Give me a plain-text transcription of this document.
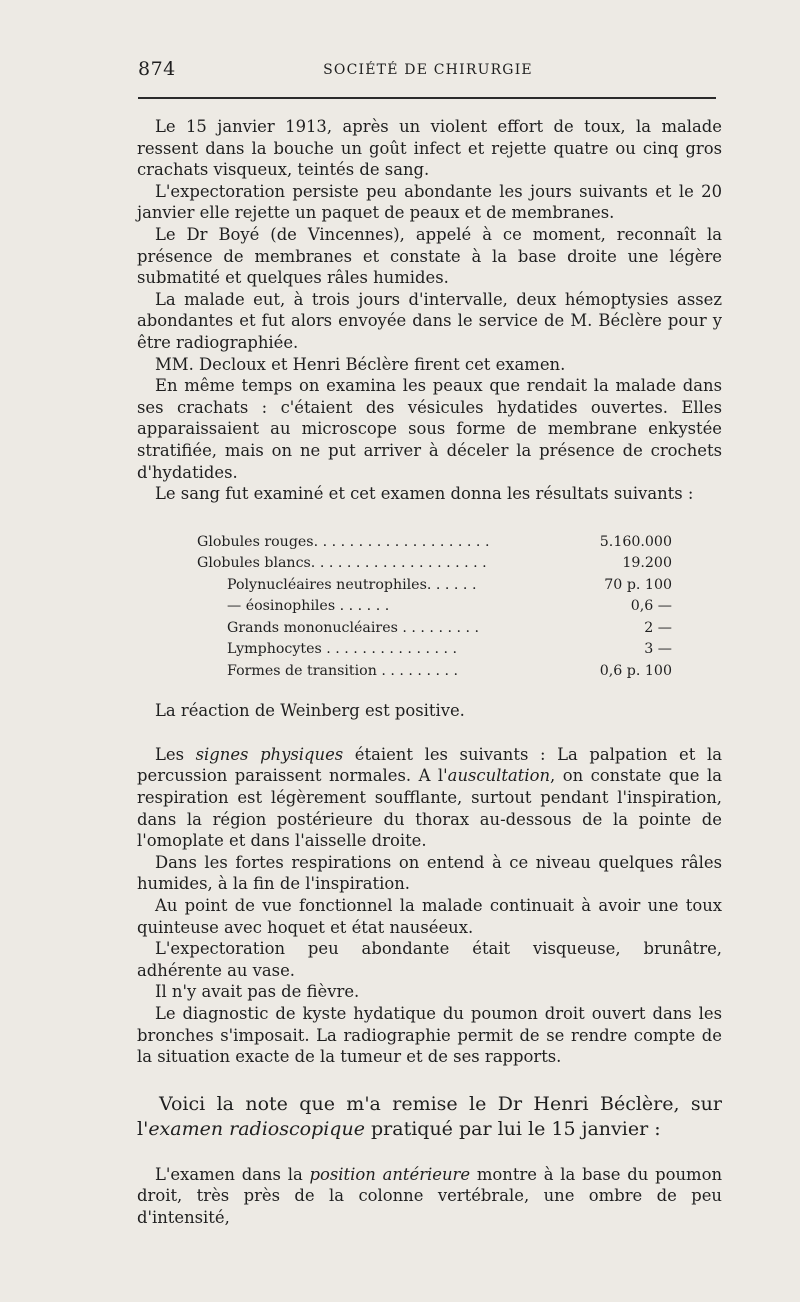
874	SOCIÉTÉ DE CHIRURGIE

Le 15 janvier 1913, après un violent effort de toux, la malade ressent dans la bouche un goût infect et rejette quatre ou cinq gros crachats visqueux, teintés de sang.

L'expectoration persiste peu abondante les jours suivants et le 20 janvier elle rejette un paquet de peaux et de membranes.

Le Dr Boyé (de Vincennes), appelé à ce moment, reconnaît la présence de membranes et constate à la base droite une légère submatité et quelques râles humides.

La malade eut, à trois jours d'intervalle, deux hémoptysies assez abondantes et fut alors envoyée dans le service de M. Béclère pour y être radiographiée.

MM. Decloux et Henri Béclère firent cet examen.

En même temps on examina les peaux que rendait la malade dans ses crachats : c'étaient des vésicules hydatides ouvertes. Elles apparaissaient au microscope sous forme de membrane enkystée stratifiée, mais on ne put arriver à déceler la présence de crochets d'hydatides.

Le sang fut examiné et cet examen donna les résultats suivants :

Globules rouges. . . . . . . . . . . . . . . . . . . .	5.160.000
Globules blancs. . . . . . . . . . . . . . . . . . . .	19.200
Polynucléaires neutrophiles. . . . . .	70 p. 100
— éosinophiles . . . . . .	0,6 —
Grands mononucléaires . . . . . . . . .	2 —
Lymphocytes . . . . . . . . . . . . . . .	3 —
Formes de transition . . . . . . . . .	0,6 p. 100

La réaction de Weinberg est positive.

Les signes physiques étaient les suivants : La palpation et la percussion paraissent normales. A l'auscultation, on constate que la respiration est légèrement soufflante, surtout pendant l'inspiration, dans la région postérieure du thorax au-dessous de la pointe de l'omoplate et dans l'aisselle droite.

Dans les fortes respirations on entend à ce niveau quelques râles humides, à la fin de l'inspiration.

Au point de vue fonctionnel la malade continuait à avoir une toux quinteuse avec hoquet et état nauséeux.

L'expectoration peu abondante était visqueuse, brunâtre, adhérente au vase.

Il n'y avait pas de fièvre.

Le diagnostic de kyste hydatique du poumon droit ouvert dans les bronches s'imposait. La radiographie permit de se rendre compte de la situation exacte de la tumeur et de ses rapports.

Voici la note que m'a remise le Dr Henri Béclère, sur l'examen radioscopique pratiqué par lui le 15 janvier :

L'examen dans la position antérieure montre à la base du poumon droit, très près de la colonne vertébrale, une ombre de peu d'intensité,
